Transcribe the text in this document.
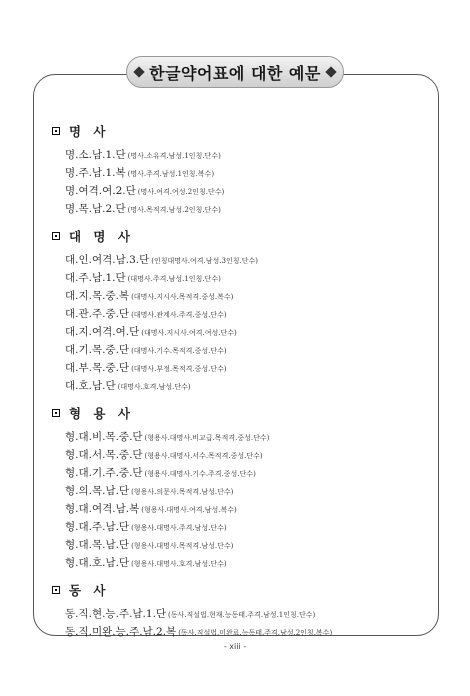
한글약어표에 대한 예문
명 사
명.소.남.1.단 (명사.소유격.남성.1인칭.단수)
명.주.남.1.복 (명사.주격.남성.1인칭.복수)
명.여격.여.2.단 (명사.여격.여성.2인칭.단수)
명.목.남.2.단 (명사.목적격.남성.2인칭.단수)
대 명 사
대.인.여격.남.3.단 (인칭대명사.여격.남성.3인칭.단수)
대.주.남.1.단 (대명사.주격.남성.1인칭.단수)
대.지.목.중.복 (대명사.지시사.목적격.중성.복수)
대.관.주.중.단 (대명사.관계사.주격.중성.단수)
대.지.여격.여.단 (대명사.지시사.여격.여성.단수)
대.기.목.중.단 (대명사.기수.목적격.중성.단수)
대.부.목.중.단 (대명사.부정.목적격.중성.단수)
대.호.남.단 (대명사.호격.남성.단수)
형 용 사
형.대.비.목.중.단 (형용사.대명사.비교급.목적격.중성.단수)
형.대.서.목.중.단 (형용사.대명사.서수.목적격.중성.단수)
형.대.기.주.중.단 (형용사.대명사.기수.주격.중성.단수)
형.의.목.남.단 (형용사.의문사.목적격.남성.단수)
형.대.여격.남.복 (형용사.대명사.여격.남성.복수)
형.대.주.남.단 (형용사.대명사.주격.남성.단수)
형.대.목.남.단 (형용사.대명사.목적격.남성.단수)
형.대.호.남.단 (형용사.대명사.호격.남성.단수)
동 사
동.직.현.능.주.남.1.단 (동사.직설법.현재.능동태.주격.남성.1인칭.단수)
동.직.미완.능.주.남.2.복 (동사.직설법.미완료.능동태.주격.남성.2인칭.복수)
- xiii -
